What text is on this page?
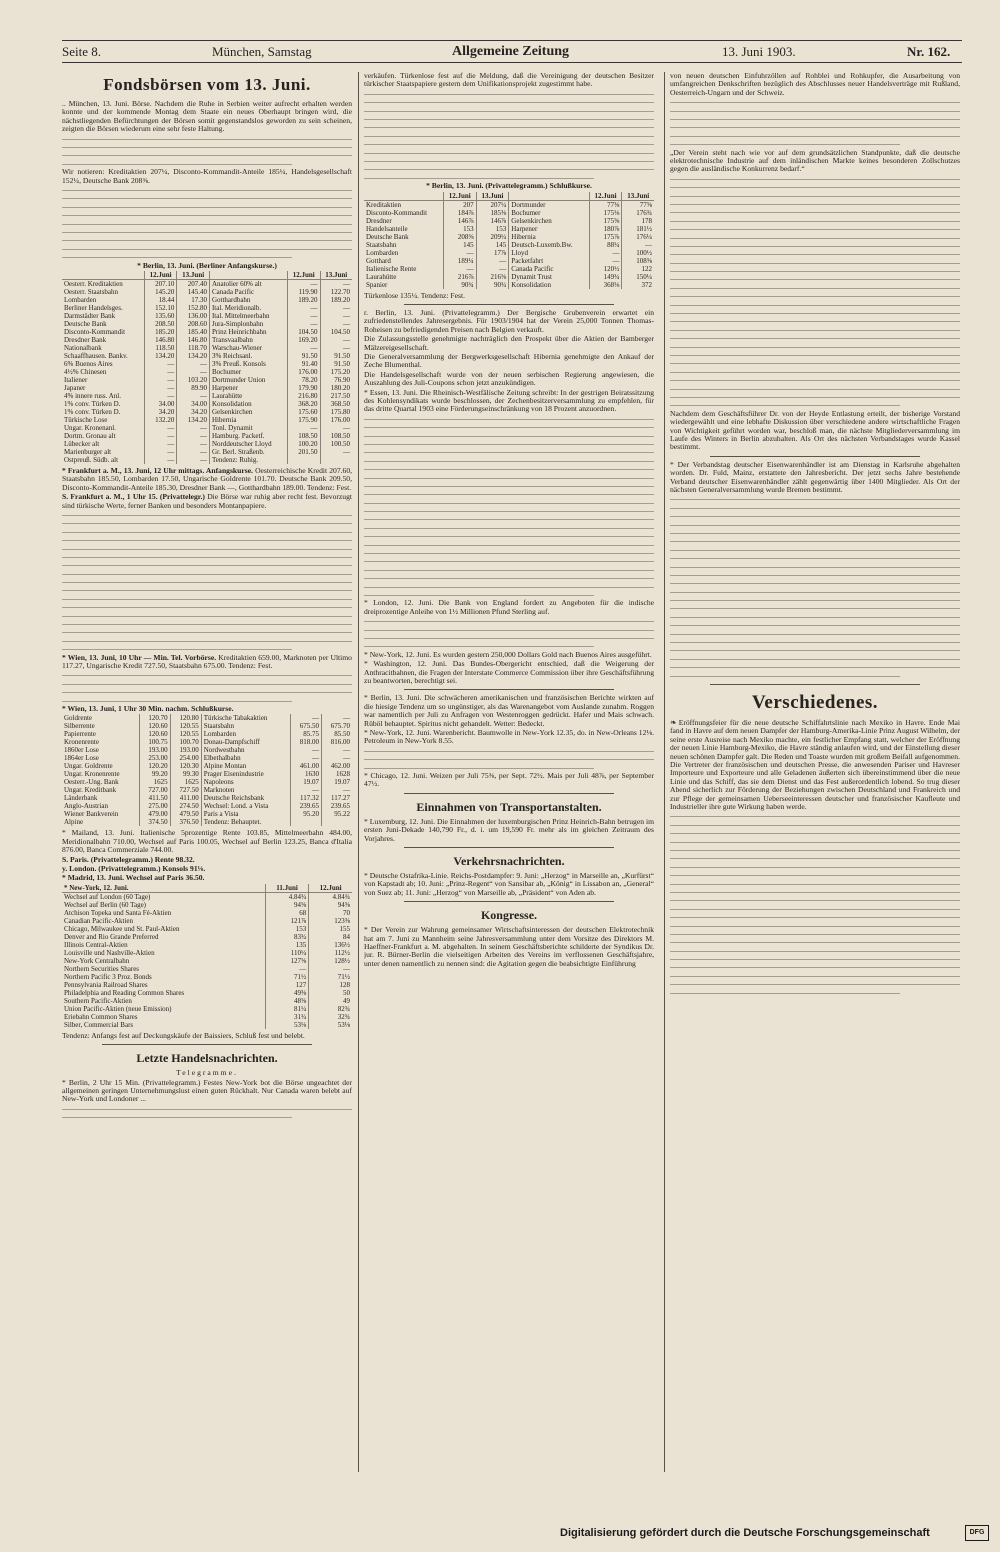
Seite 8.	München, Samstag	Allgemeine Zeitung	13. Juni 1903.	Nr. 162.
Fondsbörsen vom 13. Juni.
.. München, 13. Juni. Börse. Nachdem die Ruhe in Serbien weiter aufrecht erhalten werden konnte und der kommende Montag dem Staate ein neues Oberhaupt bringen wird, die nächstliegenden Befürchtungen der Börsen somit gegenstandslos geworden zu sein scheinen, zeigten die Börsen wiederum eine sehr feste Haltung.
Wir notieren: Kreditaktien 207¼, Disconto-Kommandit-Anteile 185¼, Handelsgesellschaft 152¼, Deutsche Bank 208⅜.
* Berlin, 13. Juni. (Berliner Anfangskurse.)
	12.Juni	13.Juni		12.Juni	13.Juni
Oesterr. Kreditaktien	207.10	207.40	Anatolier 60% alt	—	—
Oesterr. Staatsbahn	145.20	145.40	Canada Pacific	119.90	122.70
Lombarden	18.44	17.30	Gotthardbahn	189.20	189.20
Berliner Handelsges.	152.10	152.80	Ital. Meridionalb.	—	—
Darmstädter Bank	135.60	136.00	Ital. Mittelmeerbahn	—	—
Deutsche Bank	208.50	208.60	Jura-Simplonbahn	—	—
Disconto-Kommandit	185.20	185.40	Prinz Heinrichbahn	104.50	104.50
Dresdner Bank	146.80	146.80	Transvaalbahn	169.20	—
Nationalbank	118.50	118.70	Warschau-Wiener	—	—
Schaaffhausen. Bankv.	134.20	134.20	3% Reichsanl.	91.50	91.50
6% Buenos Aires	—	—	3% Preuß. Konsols	91.40	91.50
4½% Chinesen	—	—	Bochumer	176.00	175.20
Italiener	—	103.20	Dortmunder Union	78.20	76.90
Japaner	—	89.90	Harpener	179.90	180.20
4% innere russ. Anl.	—	—	Laurahütte	216.80	217.50
1% conv. Türken D.	34.00	34.00	Konsolidation	368.20	368.50
1% conv. Türken D.	34.20	34.20	Gelsenkirchen	175.60	175.80
Türkische Lose	132.20	134.20	Hibernia	175.90	176.00
Ungar. Kronenanl.	—	—	Tonl. Dynamit	—	—
Dortm. Gronau alt	—	—	Hamburg. Packetf.	108.50	108.50
Lübecker alt	—	—	Norddeutscher Lloyd	100.20	100.50
Marienburger alt	—	—	Gr. Berl. Straßenb.	201.50	—
Ostpreuß. Südb. alt	—	—	Tendenz: Ruhig.		
* Frankfurt a. M., 13. Juni, 12 Uhr mittags. Anfangskurse. Oesterreichische Kredit 207.60, Staatsbahn 185.50, Lombarden 17.50, Ungarische Goldrente 101.70. Deutsche Bank 209.50, Disconto-Kommandit-Anteile 185.30, Dresdner Bank —, Gotthardbahn 189.00. Tendenz: Fest.
S. Frankfurt a. M., 1 Uhr 15. (Privattelegr.) Die Börse war ruhig aber recht fest. Bevorzugt sind türkische Werte, ferner Banken und besonders Montanpapiere.
* Wien, 13. Juni, 10 Uhr — Min. Tel. Vorbörse. Kreditaktien 659.00, Marknoten per Ultimo 117.27, Ungarische Kredit 727.50, Staatsbahn 675.00. Tendenz: Fest.
* Wien, 13. Juni, 1 Uhr 30 Min. nachm. Schlußkurse.
Goldrente	120.70	120.80	Türkische Tabakaktien	—	—
Silberrente	120.60	120.55	Staatsbahn	675.50	675.70
Papierrente	120.60	120.55	Lombarden	85.75	85.50
Kronenrente	100.75	100.70	Donau-Dampfschiff	818.00	816.00
1860er Lose	193.00	193.00	Nordwestbahn	—	—
1864er Lose	253.00	254.00	Elbethalbahn	—	—
Ungar. Goldrente	120.20	120.30	Alpine Montan	461.00	462.00
Ungar. Kronenrente	99.20	99.30	Prager Eisenindustrie	1630	1628
Oesterr.-Ung. Bank	1625	1625	Napoleons	19.07	19.07
Ungar. Kreditbank	727.00	727.50	Marknoten	—	—
Länderbank	411.50	411.00	Deutsche Reichsbank	117.32	117.27
Anglo-Austrian	275.00	274.50	Wechsel: Lond. a Vista	239.65	239.65
Wiener Bankverein	479.00	479.50	Paris a Vista	95.20	95.22
Alpine	374.50	376.50	Tendenz: Behauptet.		
* Mailand, 13. Juni. Italienische 5prozentige Rente 103.85, Mittelmeerbahn 484.00, Meridionalbahn 710.00, Wechsel auf Paris 100.05, Wechsel auf Berlin 123.25, Banca d'Italia 876.00, Banca Commerziale 744.00.
S. Paris. (Privattelegramm.) Rente 98.32.
y. London. (Privattelegramm.) Konsols 91⅛.
* Madrid, 13. Juni. Wechsel auf Paris 36.50.
* New-York, 12. Juni.	11.Juni	12.Juni
Wechsel auf London (60 Tage)	4.84¾	4.84¾
Wechsel auf Berlin (60 Tage)	94⅝	94⅝
Atchison Topeka und Santa Fé-Aktien	68	70
Canadian Pacific-Aktien	121⅞	123⅜
Chicago, Milwaukee und St. Paul-Aktien	153	155
Denver and Rio Grande Preferred	83¾	84
Illinois Central-Aktien	135	136½
Louisville und Nashville-Aktien	110¼	112½
New-York Centralbahn	127⅝	128½
Northern Securities Shares	—	—
Northern Pacific 3 Proz. Bonds	71½	71½
Pennsylvania Railroad Shares	127	128
Philadelphia and Reading Common Shares	49⅜	50
Southern Pacific-Aktien	48⅝	49
Union Pacific-Aktien (neue Emission)	81¼	82¾
Eriebahn Common Shares	31¾	32¾
Silber, Commercial Bars	53⅛	53⅛
Tendenz: Anfangs fest auf Deckungskäufe der Baissiers, Schluß fest und belebt.
Letzte Handelsnachrichten.
Telegramme.
* Berlin, 2 Uhr 15 Min. (Privattelegramm.) Festes New-York bot die Börse ungeachtet der allgemeinen geringen Unternehmungslust einen guten Rückhalt. Nur Canada waren belebt auf New-York und Londoner ...
verkäufen. Türkenlose fest auf die Meldung, daß die Vereinigung der deutschen Besitzer türkischer Staatspapiere gestern dem Unifikationsprojekt zugestimmt habe.
* Berlin, 13. Juni. (Privattelegramm.) Schlußkurse.
	12.Juni	13.Juni		12.Juni	13.Juni
Kreditaktien	207	207¼	Dortmunder	77⅜	77⅝
Disconto-Kommandit	184⅞	185⅜	Bochumer	175⅛	176¾
Dresdner	146⅞	146⅞	Gelsenkirchen	175⅝	178
Handelsanteile	153	153	Harpener	180⅞	181½
Deutsche Bank	208⅜	209¼	Hibernia	175⅞	176¼
Staatsbahn	145	145	Deutsch-Luxemb.Bw.	88¼	—
Lombarden	—	17⅞	Lloyd	—	100½
Gotthard	189¼	—	Packetfahrt	—	108⅝
Italienische Rente	—	—	Canada Pacific	120½	122
Laurahütte	216⅞	216⅝	Dynamit Trust	149¾	150¼
Spanier	90¾	90¾	Konsolidation	368⅛	372
Türkenlose 135¼. Tendenz: Fest.
r. Berlin, 13. Juni. (Privattelegramm.) Der Bergische Grubenverein erwartet ein zufriedenstellendes Jahresergebnis. Für 1903/1904 hat der Verein 25,000 Tonnen Thomas-Roheisen zu befriedigenden Preisen nach Belgien verkauft.
Die Zulassungsstelle genehmigte nachträglich den Prospekt über die Aktien der Bamberger Mälzereigesellschaft.
Die Generalversammlung der Bergwerksgesellschaft Hibernia genehmigte den Ankauf der Zeche Blumenthal.
Die Handelsgesellschaft wurde von der neuen serbischen Regierung angewiesen, die Auszahlung des Juli-Coupons schon jetzt anzukündigen.
* Essen, 13. Juni. Die Rheinisch-Westfälische Zeitung schreibt: In der gestrigen Beiratssitzung des Kohlensyndikats wurde beschlossen, der Zechenbesitzerversammlung zu empfehlen, für das dritte Quartal 1903 eine Förderungseinschränkung von 18 Prozent anzuordnen.
* London, 12. Juni. Die Bank von England fordert zu Angeboten für die indische dreiprozentige Anleihe von 1½ Millionen Pfund Sterling auf.
* New-York, 12. Juni. Es wurden gestern 250,000 Dollars Gold nach Buenos Aires ausgeführt.
* Washington, 12. Juni. Das Bundes-Obergericht entschied, daß die Weigerung der Anthracitbahnen, die Fragen der Interstate Commerce Commission über ihre Geschäftsführung zu beantworten, berechtigt sei.
* Berlin, 13. Juni. Die schwächeren amerikanischen und französischen Berichte wirkten auf die hiesige Tendenz um so ungünstiger, als das Warenangebot vom Auslande zunahm. Roggen war namentlich per Juli zu Anfragen von Westenroggen gedrückt. Hafer und Mais schwach. Rüböl behauptet. Spiritus nicht gehandelt. Wetter: Bedeckt.
* New-York, 12. Juni. Warenbericht. Baumwolle in New-York 12.35, do. in New-Orleans 12⅛. Petroleum in New-York 8.55.
* Chicago, 12. Juni. Weizen per Juli 75⅜, per Sept. 72½. Mais per Juli 48⅞, per September 47½.
Einnahmen von Transportanstalten.
* Luxemburg, 12. Juni. Die Einnahmen der luxemburgischen Prinz Heinrich-Bahn betrugen im ersten Juni-Dekade 140,790 Fr., d. i. um 19,590 Fr. mehr als im gleichen Zeitraum des Vorjahres.
Verkehrsnachrichten.
* Deutsche Ostafrika-Linie. Reichs-Postdampfer: 9. Juni: „Herzog“ in Marseille an, „Kurfürst“ von Kapstadt ab; 10. Juni: „Prinz-Regent“ von Sansibar ab, „König“ in Lissabon an, „General“ von Suez ab; 11. Juni: „Herzog“ von Marseille ab, „Präsident“ von Aden ab.
Kongresse.
* Der Verein zur Wahrung gemeinsamer Wirtschaftsinteressen der deutschen Elektrotechnik hat am 7. Juni zu Mannheim seine Jahresversammlung unter dem Vorsitze des Direktors M. Haeffner-Frankfurt a. M. abgehalten. In seinem Geschäftsberichte schilderte der Syndikus Dr. jur. R. Bürner-Berlin die vielseitigen Arbeiten des Vereins im verflossenen Geschäftsjahre, unter denen namentlich zu nennen sind: die Agitation gegen die beabsichtigte Einführung
von neuen deutschen Einfuhrzöllen auf Rohblei und Rohkupfer, die Ausarbeitung von umfangreichen Denkschriften bezüglich des Abschlusses neuer Handelsverträge mit Rußland, Oesterreich-Ungarn und der Schweiz.
„Der Verein steht nach wie vor auf dem grundsätzlichen Standpunkte, daß die deutsche elektrotechnische Industrie auf dem inländischen Markte keines besonderen Zollschutzes gegen die ausländische Konkurrenz bedarf.“
Nachdem dem Geschäftsführer Dr. von der Heyde Entlastung erteilt, der bisherige Vorstand wiedergewählt und eine lebhafte Diskussion über verschiedene andere wirtschaftliche Fragen von Wichtigkeit geführt worden war, beschloß man, die nächste Mitgliederversammlung im Laufe des Winters in Berlin abzuhalten. Als Ort des nächsten Verbandstages wurde Kassel bestimmt.
* Der Verbandstag deutscher Eisenwarenhändler ist am Dienstag in Karlsruhe abgehalten worden. Dr. Fuld, Mainz, erstattete den Jahresbericht. Der jetzt sechs Jahre bestehende Verband deutscher Eisenwarenhändler zählt gegenwärtig über 1400 Mitglieder. Als Ort der nächsten Generalversammlung wurde Bremen bestimmt.
Verschiedenes.
❧ Eröffnungsfeier für die neue deutsche Schiffahrtslinie nach Mexiko in Havre. Ende Mai fand in Havre auf dem neuen Dampfer der Hamburg-Amerika-Linie Prinz August Wilhelm, der seine erste Ausreise nach Mexiko machte, ein festlicher Empfang statt, welcher der Eröffnung der neuen Linie Hamburg-Mexiko, die Havre ständig anlaufen wird, und der Einstellung dieser neuen schönen Dampfer galt. Die Reden und Toaste wurden mit großem Beifall aufgenommen. Die Vertreter der französischen und deutschen Presse, die anwesenden Pariser und Havreser Importeure und Exporteure und alle Geladenen äußerten sich übereinstimmend über die neue Linie und das Schiff, das sie dem Dienst und das Fest außerordentlich lobend. So trug dieser Abend sicherlich zur Förderung der Beziehungen zwischen Deutschland und Frankreich und zur Pflege der gemeinsamen Ueberseeinteressen deutscher und französischer Kaufleute und Industrieller ihre gute Wirkung haben werde.
Digitalisierung gefördert durch die Deutsche Forschungsgemeinschaft	DFG
